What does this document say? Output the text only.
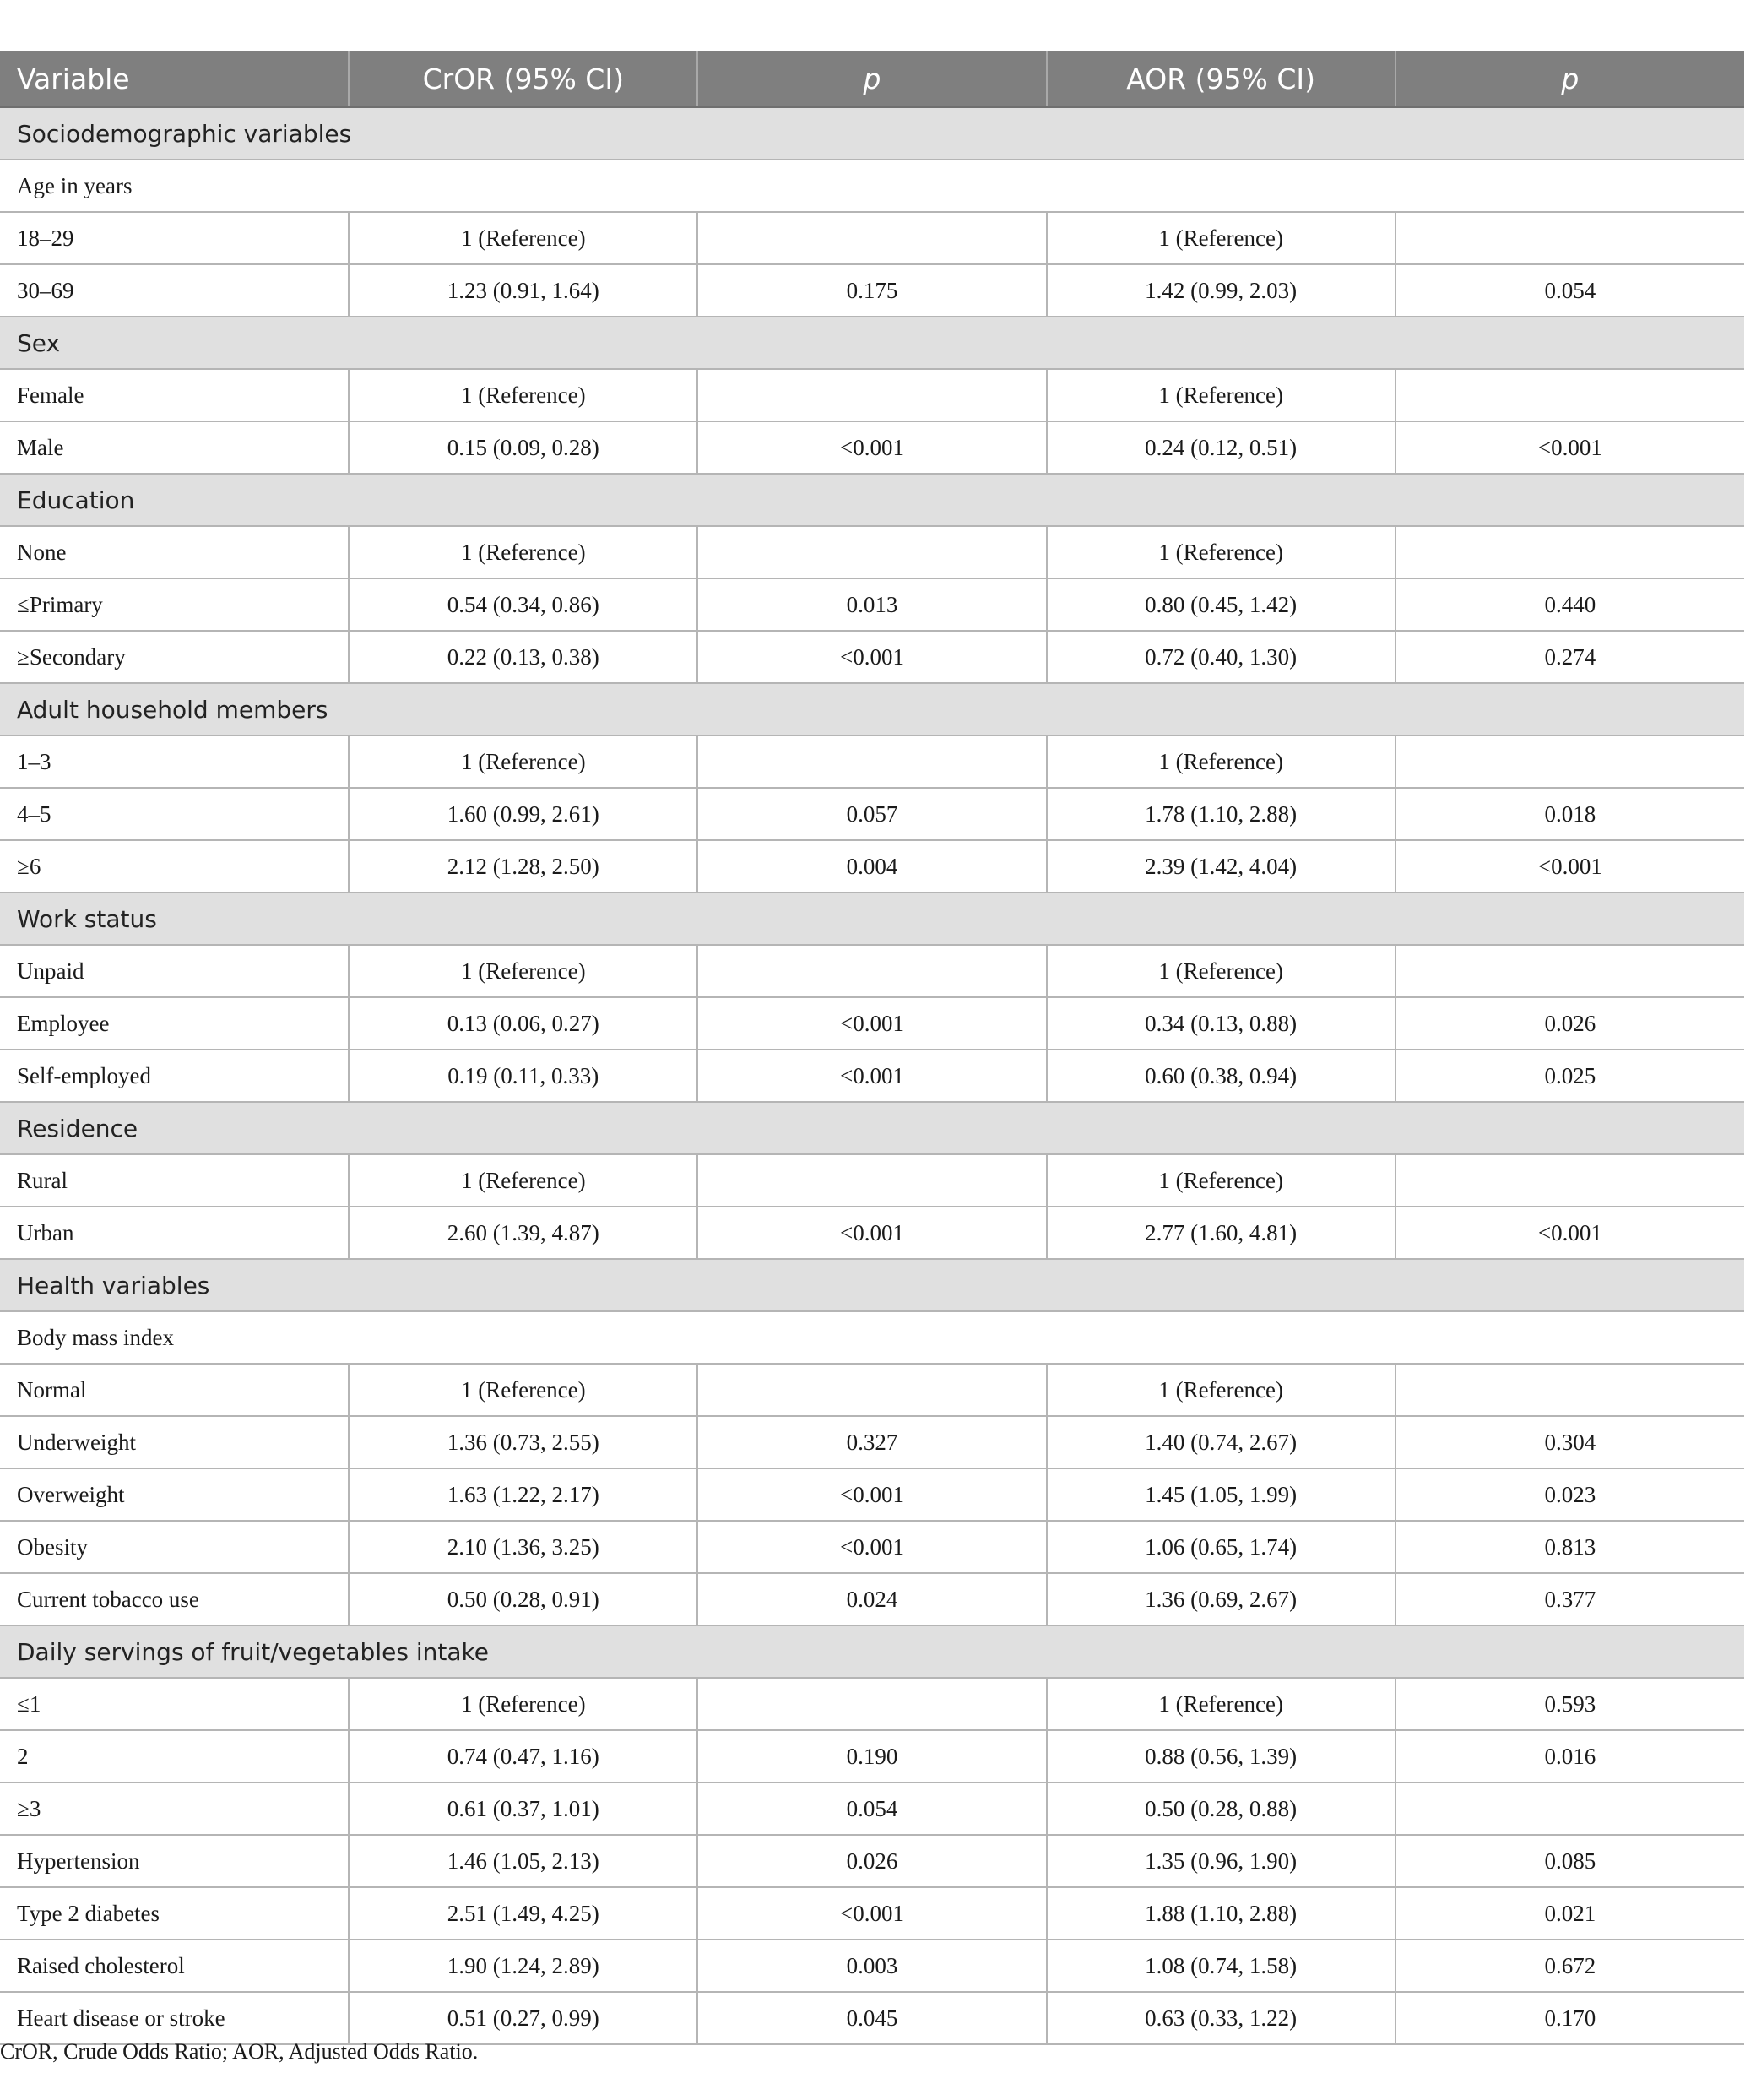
Variable	CrOR (95% CI)	p	AOR (95% CI)	p
Sociodemographic variables				
Age in years				
18–29	1 (Reference)		1 (Reference)	
30–69	1.23 (0.91, 1.64)	0.175	1.42 (0.99, 2.03)	0.054
Sex				
Female	1 (Reference)		1 (Reference)	
Male	0.15 (0.09, 0.28)	<0.001	0.24 (0.12, 0.51)	<0.001
Education				
None	1 (Reference)		1 (Reference)	
≤Primary	0.54 (0.34, 0.86)	0.013	0.80 (0.45, 1.42)	0.440
≥Secondary	0.22 (0.13, 0.38)	<0.001	0.72 (0.40, 1.30)	0.274
Adult household members				
1–3	1 (Reference)		1 (Reference)	
4–5	1.60 (0.99, 2.61)	0.057	1.78 (1.10, 2.88)	0.018
≥6	2.12 (1.28, 2.50)	0.004	2.39 (1.42, 4.04)	<0.001
Work status				
Unpaid	1 (Reference)		1 (Reference)	
Employee	0.13 (0.06, 0.27)	<0.001	0.34 (0.13, 0.88)	0.026
Self-employed	0.19 (0.11, 0.33)	<0.001	0.60 (0.38, 0.94)	0.025
Residence				
Rural	1 (Reference)		1 (Reference)	
Urban	2.60 (1.39, 4.87)	<0.001	2.77 (1.60, 4.81)	<0.001
Health variables				
Body mass index				
Normal	1 (Reference)		1 (Reference)	
Underweight	1.36 (0.73, 2.55)	0.327	1.40 (0.74, 2.67)	0.304
Overweight	1.63 (1.22, 2.17)	<0.001	1.45 (1.05, 1.99)	0.023
Obesity	2.10 (1.36, 3.25)	<0.001	1.06 (0.65, 1.74)	0.813
Current tobacco use	0.50 (0.28, 0.91)	0.024	1.36 (0.69, 2.67)	0.377
Daily servings of fruit/vegetables intake				
≤1	1 (Reference)		1 (Reference)	0.593
2	0.74 (0.47, 1.16)	0.190	0.88 (0.56, 1.39)	0.016
≥3	0.61 (0.37, 1.01)	0.054	0.50 (0.28, 0.88)	
Hypertension	1.46 (1.05, 2.13)	0.026	1.35 (0.96, 1.90)	0.085
Type 2 diabetes	2.51 (1.49, 4.25)	<0.001	1.88 (1.10, 2.88)	0.021
Raised cholesterol	1.90 (1.24, 2.89)	0.003	1.08 (0.74, 1.58)	0.672
Heart disease or stroke	0.51 (0.27, 0.99)	0.045	0.63 (0.33, 1.22)	0.170
CrOR, Crude Odds Ratio; AOR, Adjusted Odds Ratio.
